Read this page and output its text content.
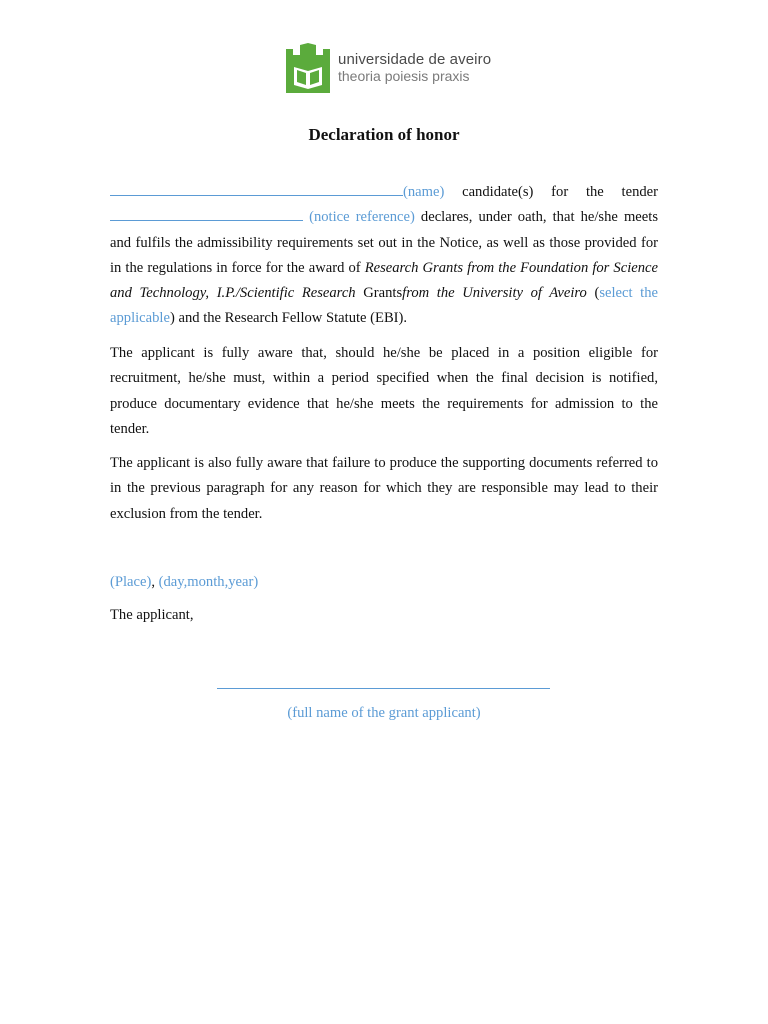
universidade de aveiro
theoria poiesis praxis
Declaration of honor

(name) candidate(s) for the tender  (notice reference) declares, under oath, that he/she meets and fulfils the admissibility requirements set out in the Notice, as well as those provided for in the regulations in force for the award of Research Grants from the Foundation for Science and Technology, I.P./Scientific Research Grantsfrom the University of Aveiro (select the applicable) and the Research Fellow Statute (EBI).

The applicant is fully aware that, should he/she be placed in a position eligible for recruitment, he/she must, within a period specified when the final decision is notified, produce documentary evidence that he/she meets the requirements for admission to the tender.

The applicant is also fully aware that failure to produce the supporting documents referred to in the previous paragraph for any reason for which they are responsible may lead to their exclusion from the tender.

(Place), (day,month,year)
The applicant,
(full name of the grant applicant)
